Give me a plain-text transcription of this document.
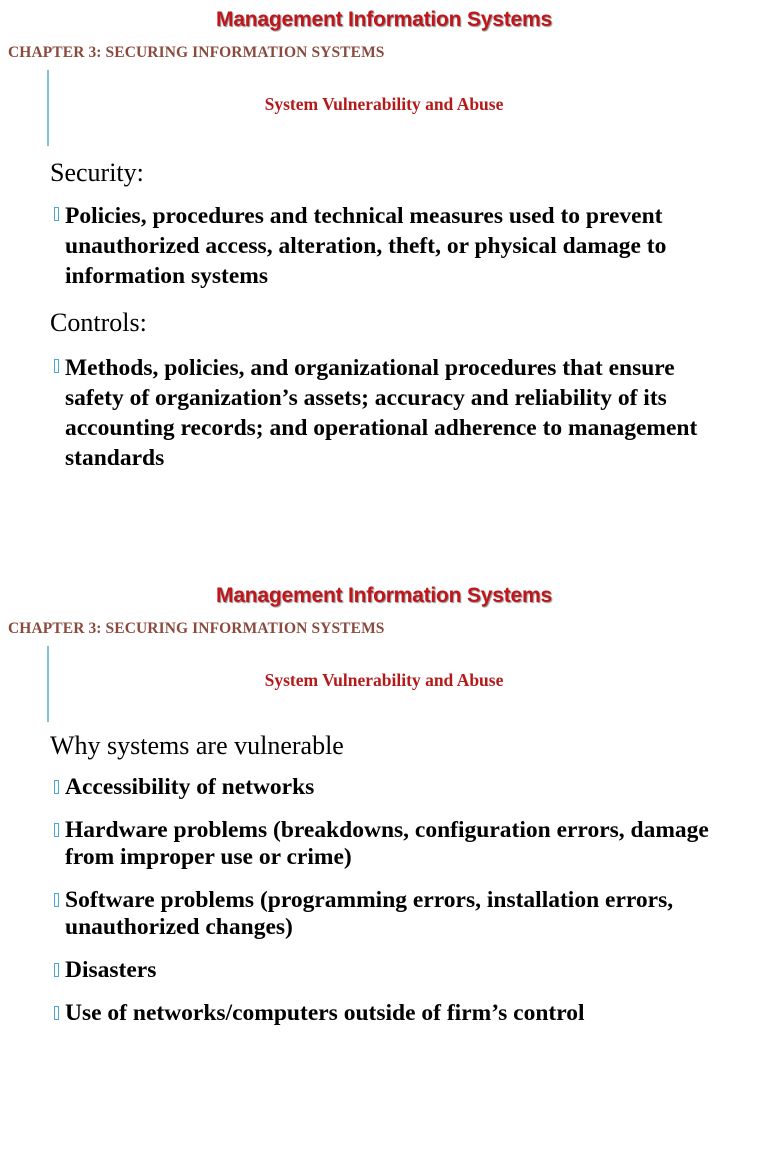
Management Information Systems
CHAPTER 3: SECURING INFORMATION SYSTEMS
System Vulnerability and Abuse

Security:

Policies, procedures and technical measures used to prevent unauthorized access, alteration, theft, or physical damage to information systems

Controls:

Methods, policies, and organizational procedures that ensure safety of organization’s assets; accuracy and reliability of its accounting records; and operational adherence to management standards
Management Information Systems
CHAPTER 3: SECURING INFORMATION SYSTEMS
System Vulnerability and Abuse

Why systems are vulnerable

Accessibility of networks
Hardware problems (breakdowns, configuration errors, damage from improper use or crime)
Software problems (programming errors, installation errors, unauthorized changes)
Disasters
Use of networks/computers outside of firm’s control
